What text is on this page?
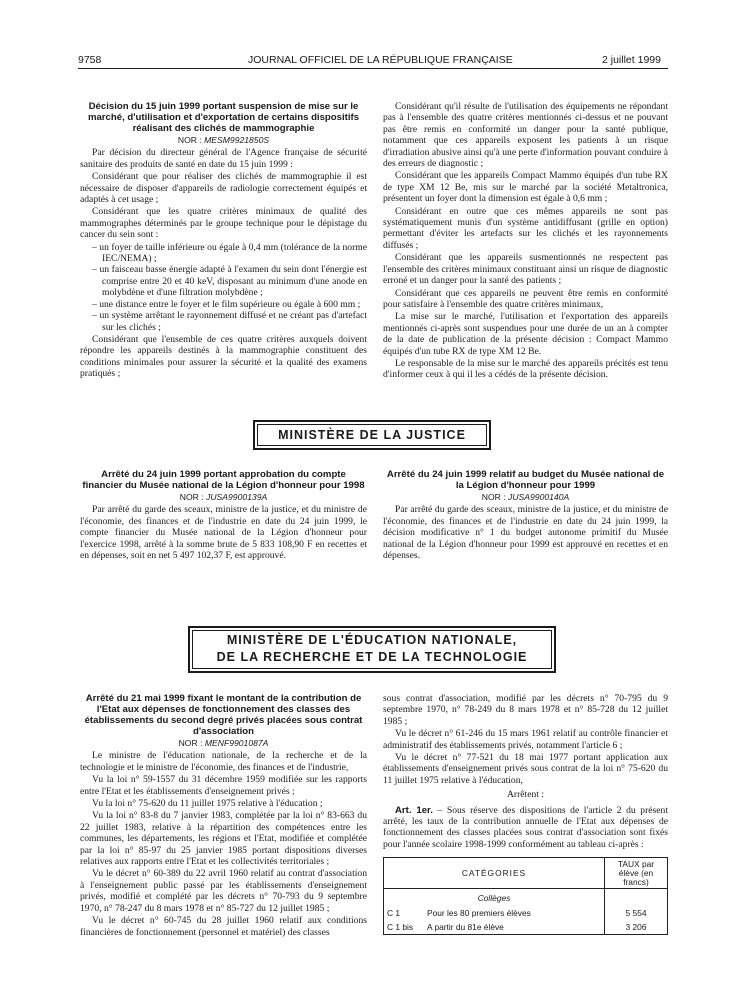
9758	JOURNAL OFFICIEL DE LA RÉPUBLIQUE FRANÇAISE	2 juillet 1999

Décision du 15 juin 1999 portant suspension de mise sur le marché, d'utilisation et d'exportation de certains dispositifs réalisant des clichés de mammographie

NOR : MESM9921850S

Par décision du directeur général de l'Agence française de sécurité sanitaire des produits de santé en date du 15 juin 1999 :

Considérant que pour réaliser des clichés de mammographie il est nécessaire de disposer d'appareils de radiologie correctement équipés et adaptés à cet usage ;

Considérant que les quatre critères minimaux de qualité des mammographes déterminés par le groupe technique pour le dépistage du cancer du sein sont :

– un foyer de taille inférieure ou égale à 0,4 mm (tolérance de la norme IEC/NEMA) ;
– un faisceau basse énergie adapté à l'examen du sein dont l'énergie est comprise entre 20 et 40 keV, disposant au minimum d'une anode en molybdène et d'une filtration molybdène ;
– une distance entre le foyer et le film supérieure ou égale à 600 mm ;
– un système arrêtant le rayonnement diffusé et ne créant pas d'artefact sur les clichés ;

Considérant que l'ensemble de ces quatre critères auxquels doivent répondre les appareils destinés à la mammographie constituent des conditions minimales pour assurer la sécurité et la qualité des examens pratiqués ;

Considérant qu'il résulte de l'utilisation des équipements ne répondant pas à l'ensemble des quatre critères mentionnés ci-dessus et ne pouvant pas être remis en conformité un danger pour la santé publique, notamment que ces appareils exposent les patients à un risque d'irradiation abusive ainsi qu'à une perte d'information pouvant conduire à des erreurs de diagnostic ;

Considérant que les appareils Compact Mammo équipés d'un tube RX de type XM 12 Be, mis sur le marché par la société Metaltronica, présentent un foyer dont la dimension est égale à 0,6 mm ;

Considérant en outre que ces mêmes appareils ne sont pas systématiquement munis d'un système antidiffusant (grille en option) permettant d'éviter les artefacts sur les clichés et les rayonnements diffusés ;

Considérant que les appareils susmentionnés ne respectent pas l'ensemble des critères minimaux constituant ainsi un risque de diagnostic erroné et un danger pour la santé des patients ;

Considérant que ces appareils ne peuvent être remis en conformité pour satisfaire à l'ensemble des quatre critères minimaux,

La mise sur le marché, l'utilisation et l'exportation des appareils mentionnés ci-après sont suspendues pour une durée de un an à compter de la date de publication de la présente décision : Compact Mammo équipés d'un tube RX de type XM 12 Be.

Le responsable de la mise sur le marché des appareils précités est tenu d'informer ceux à qui il les a cédés de la présente décision.

MINISTÈRE DE LA JUSTICE

Arrêté du 24 juin 1999 portant approbation du compte financier du Musée national de la Légion d'honneur pour 1998

NOR : JUSA9900139A

Par arrêté du garde des sceaux, ministre de la justice, et du ministre de l'économie, des finances et de l'industrie en date du 24 juin 1999, le compte financier du Musée national de la Légion d'honneur pour l'exercice 1998, arrêté à la somme brute de 5 833 108,90 F en recettes et en dépenses, soit en net 5 497 102,37 F, est approuvé.

Arrêté du 24 juin 1999 relatif au budget du Musée national de la Légion d'honneur pour 1999

NOR : JUSA9900140A

Par arrêté du garde des sceaux, ministre de la justice, et du ministre de l'économie, des finances et de l'industrie en date du 24 juin 1999, la décision modificative n° 1 du budget autonome primitif du Musée national de la Légion d'honneur pour 1999 est approuvé en recettes et en dépenses.

MINISTÈRE DE L'ÉDUCATION NATIONALE,
DE LA RECHERCHE ET DE LA TECHNOLOGIE

Arrêté du 21 mai 1999 fixant le montant de la contribution de l'Etat aux dépenses de fonctionnement des classes des établissements du second degré privés placées sous contrat d'association

NOR : MENF9901087A

Le ministre de l'éducation nationale, de la recherche et de la technologie et le ministre de l'économie, des finances et de l'industrie,

Vu la loi n° 59-1557 du 31 décembre 1959 modifiée sur les rapports entre l'Etat et les établissements d'enseignement privés ;

Vu la loi n° 75-620 du 11 juillet 1975 relative à l'éducation ;

Vu la loi n° 83-8 du 7 janvier 1983, complétée par la loi n° 83-663 du 22 juillet 1983, relative à la répartition des compétences entre les communes, les départements, les régions et l'Etat, modifiée et complétée par la loi n° 85-97 du 25 janvier 1985 portant dispositions diverses relatives aux rapports entre l'Etat et les collectivités territoriales ;

Vu le décret n° 60-389 du 22 avril 1960 relatif au contrat d'association à l'enseignement public passé par les établissements d'enseignement privés, modifié et complété par les décrets n° 70-793 du 9 septembre 1970, n° 78-247 du 8 mars 1978 et n° 85-727 du 12 juillet 1985 ;

Vu le décret n° 60-745 du 28 juillet 1960 relatif aux conditions financières de fonctionnement (personnel et matériel) des classes

sous contrat d'association, modifié par les décrets n° 70-795 du 9 septembre 1970, n° 78-249 du 8 mars 1978 et n° 85-728 du 12 juillet 1985 ;

Vu le décret n° 61-246 du 15 mars 1961 relatif au contrôle financier et administratif des établissements privés, notamment l'article 6 ;

Vu le décret n° 77-521 du 18 mai 1977 portant application aux établissements d'enseignement privés sous contrat de la loi n° 75-620 du 11 juillet 1975 relative à l'éducation,

Arrêtent :

Art. 1er. – Sous réserve des dispositions de l'article 2 du présent arrêté, les taux de la contribution annuelle de l'Etat aux dépenses de fonctionnement des classes placées sous contrat d'association sont fixés pour l'année scolaire 1998-1999 conformément au tableau ci-après :

CATÉGORIES		TAUX par élève (en francs)
Collèges		
C 1	Pour les 80 premiers élèves	5 554
C 1 bis	A partir du 81e élève	3 206
